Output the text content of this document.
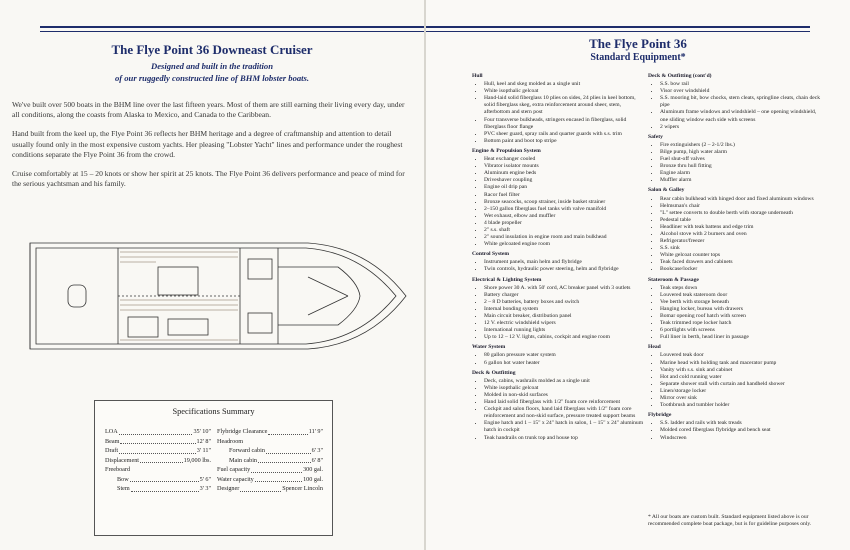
The Flye Point 36 Downeast Cruiser
Designed and built in the tradition
of our ruggedly constructed line of BHM lobster boats.

We've built over 500 boats in the BHM line over the last fifteen years. Most of them are still earning their living every day, under all conditions, along the coasts from Alaska to Mexico, and Canada to the Caribbean.

Hand built from the keel up, the Flye Point 36 reflects her BHM heritage and a degree of craftmanship and attention to detail usually found only in the most expensive custom yachts. Her pleasing "Lobster Yacht" lines and performance under the roughest conditions separate the Flye Point 36 from the crowd.

Cruise comfortably at 15 – 20 knots or show her spirit at 25 knots. The Flye Point 36 delivers performance and peace of mind for the serious yachtsman and his family.

Specifications Summary
LOA	35' 10"
Beam	12' 8"
Draft	3' 11"
Displacement	19,000 lbs.
Freeboard
Bow	5' 6"
Stem	3' 3"
Flybridge Clearance	11' 9"
Headroom
Forward cabin	6' 3"
Main cabin	6' 8"
Fuel capacity	300 gal.
Water capacity	100 gal.
Designer	Spencer Lincoln
The Flye Point 36
Standard Equipment*
Hull
• Hull, keel and skeg molded as a single unit
• White isopthalic gelcoat
• Hand-laid solid fiberglass 10 plies on sides, 24 plies in keel bottom, solid fiberglass skeg, extra reinforcement around sheer, stem, afterbottom and stern post
• Four transverse bulkheads, stringers encased in fiberglass, solid fiberglass floor flange
• PVC sheer guard, spray rails and quarter guards with s.s. trim
• Bottom paint and boot top stripe
Engine & Propulsion System
• Heat exchanger cooled
• Vibrator isolator mounts
• Aluminum engine beds
• Driveshaver coupling
• Engine oil drip pan
• Racor fuel filter
• Bronze seacocks, scoop strainer, inside basket strainer
• 2–150 gallon fiberglass fuel tanks with valve manifold
• Wet exhaust, elbow and muffler
• 4 blade propeller
• 2" s.s. shaft
• 2" sound insulation in engine room and main bulkhead
• White gelcoated engine room
Control System
• Instrument panels, main helm and flybridge
• Twin controls, hydraulic power steering, helm and flybridge
Electrical & Lighting System
• Shore power 30 A. with 50' cord, AC breaker panel with 3 outlets
• Battery charger
• 2 – 8 D batteries, battery boxes and switch
• Internal bonding system
• Main circuit breaker, distribution panel
• 12 V. electric windshield wipers
• International running lights
• Up to 12 – 12 V. lights, cabins, cockpit and engine room
Water System
• 80 gallon pressure water system
• 6 gallon hot water heater
Deck & Outfitting
• Deck, cabins, washrails molded as a single unit
• White isopthalic gelcoat
• Molded in non-skid surfaces
• Hand laid solid fiberglass with 1/2" foam core reinforcement
• Cockpit and salon floors, hand laid fiberglass with 1/2" foam core reinforcement and non-skid surface, pressure treated support beams
• Engine hatch and 1 – 15" x 24" hatch in salon, 1 – 15" x 24" aluminum hatch in cockpit
• Teak handrails on trunk top and house top
Deck & Outfitting (cont'd)
• S.S. bow rail
• Visor over windshield
• S.S. mooring bit, bow chocks, stern cleats, springline cleats, chain deck pipe
• Aluminum frame windows and windshield – one opening windshield, one sliding window each side with screens
• 2 wipers
Safety
• Fire extinguishers (2 – 2-1/2 lbs.)
• Bilge pump, high water alarm
• Fuel shut-off valves
• Bronze thru hull fitting
• Engine alarm
• Muffler alarm
Salon & Galley
• Rear cabin bulkhead with hinged door and fixed aluminum windows
• Helmsman's chair
• "L" settee converts to double berth with storage underneath
• Pedestal table
• Headliner with teak battens and edge trim
• Alcohol stove with 2 burners and oven
• Refrigerator/freezer
• S.S. sink
• White gelcoat counter tops
• Teak faced drawers and cabinets
• Bookcase/locker
Stateroom & Passage
• Teak steps down
• Louvered teak stateroom door
• Vee berth with storage beneath
• Hanging locker, bureau with drawers
• Bomar opening roof hatch with screen
• Teak trimmed rope locker hatch
• 6 portlights with screens
• Full liner in berth, head liner in passage
Head
• Louvered teak door
• Marine head with holding tank and macerator pump
• Vanity with s.s. sink and cabinet
• Hot and cold running water
• Separate shower stall with curtain and handheld shower
• Linen/storage locker
• Mirror over sink
• Toothbrush and tumbler holder
Flybridge
• S.S. ladder and rails with teak treads
• Molded cored fiberglass flybridge and bench seat
• Windscreen
* All our boats are custom built. Standard equipment listed above is our recommended complete boat package, but is for guideline purposes only.
